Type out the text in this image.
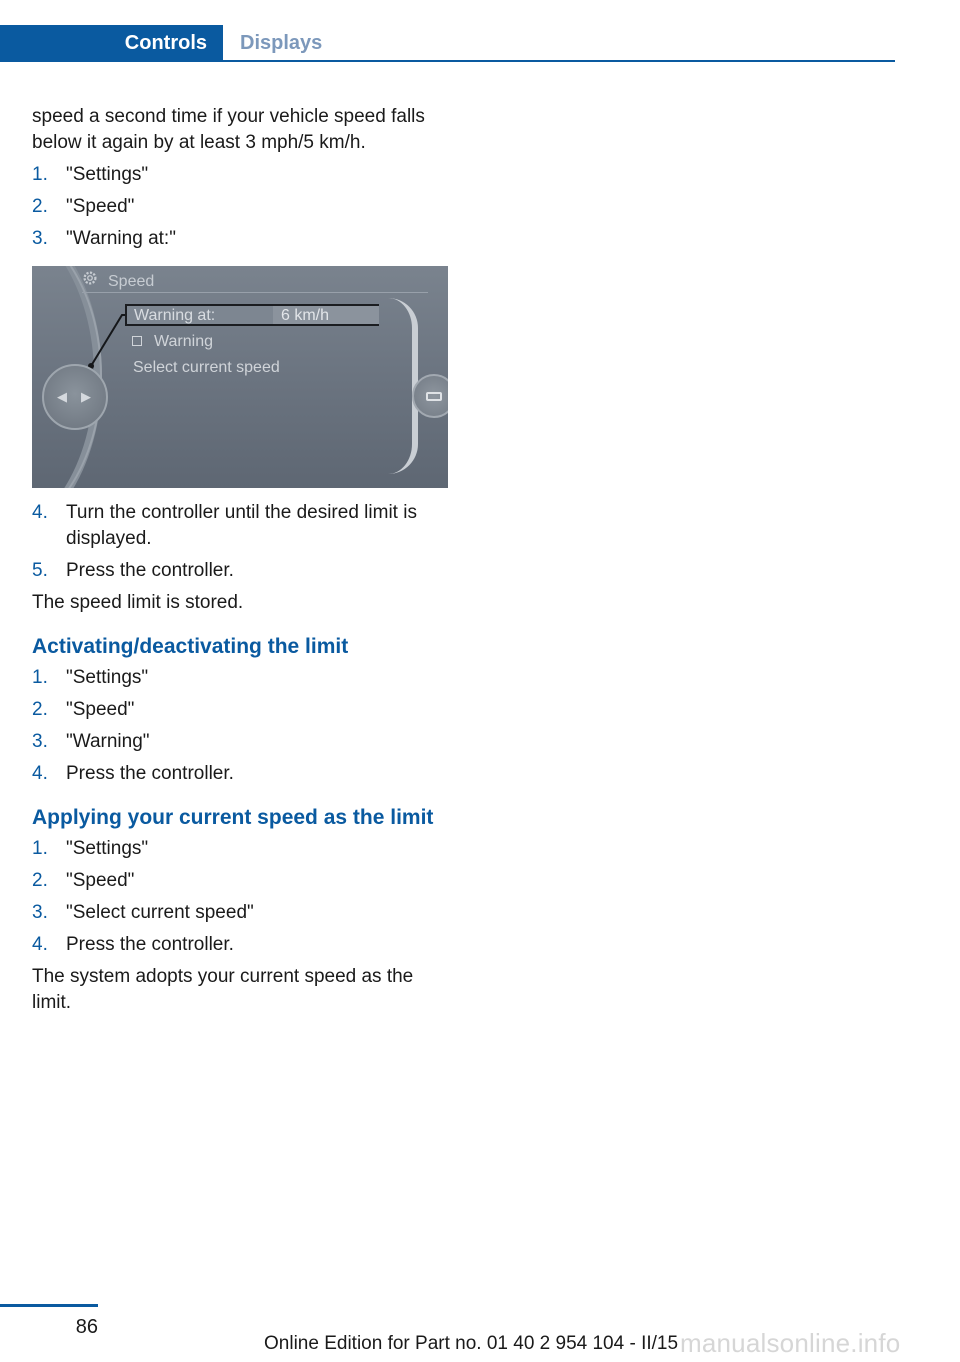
Controls	Displays

speed a second time if your vehicle speed falls below it again by at least 3 mph/5 km/h.

1. "Settings"
2. "Speed"
3. "Warning at:"
Speed
Warning at:	6 km/h
Warning
Select current speed
◀▶
4. Turn the controller until the desired limit is displayed.
5. Press the controller.

The speed limit is stored.

Activating/deactivating the limit
1. "Settings"
2. "Speed"
3. "Warning"
4. Press the controller.
Applying your current speed as the limit
1. "Settings"
2. "Speed"
3. "Select current speed"
4. Press the controller.

The system adopts your current speed as the limit.

86
manualsonline.info
Online Edition for Part no. 01 40 2 954 104 - II/15
